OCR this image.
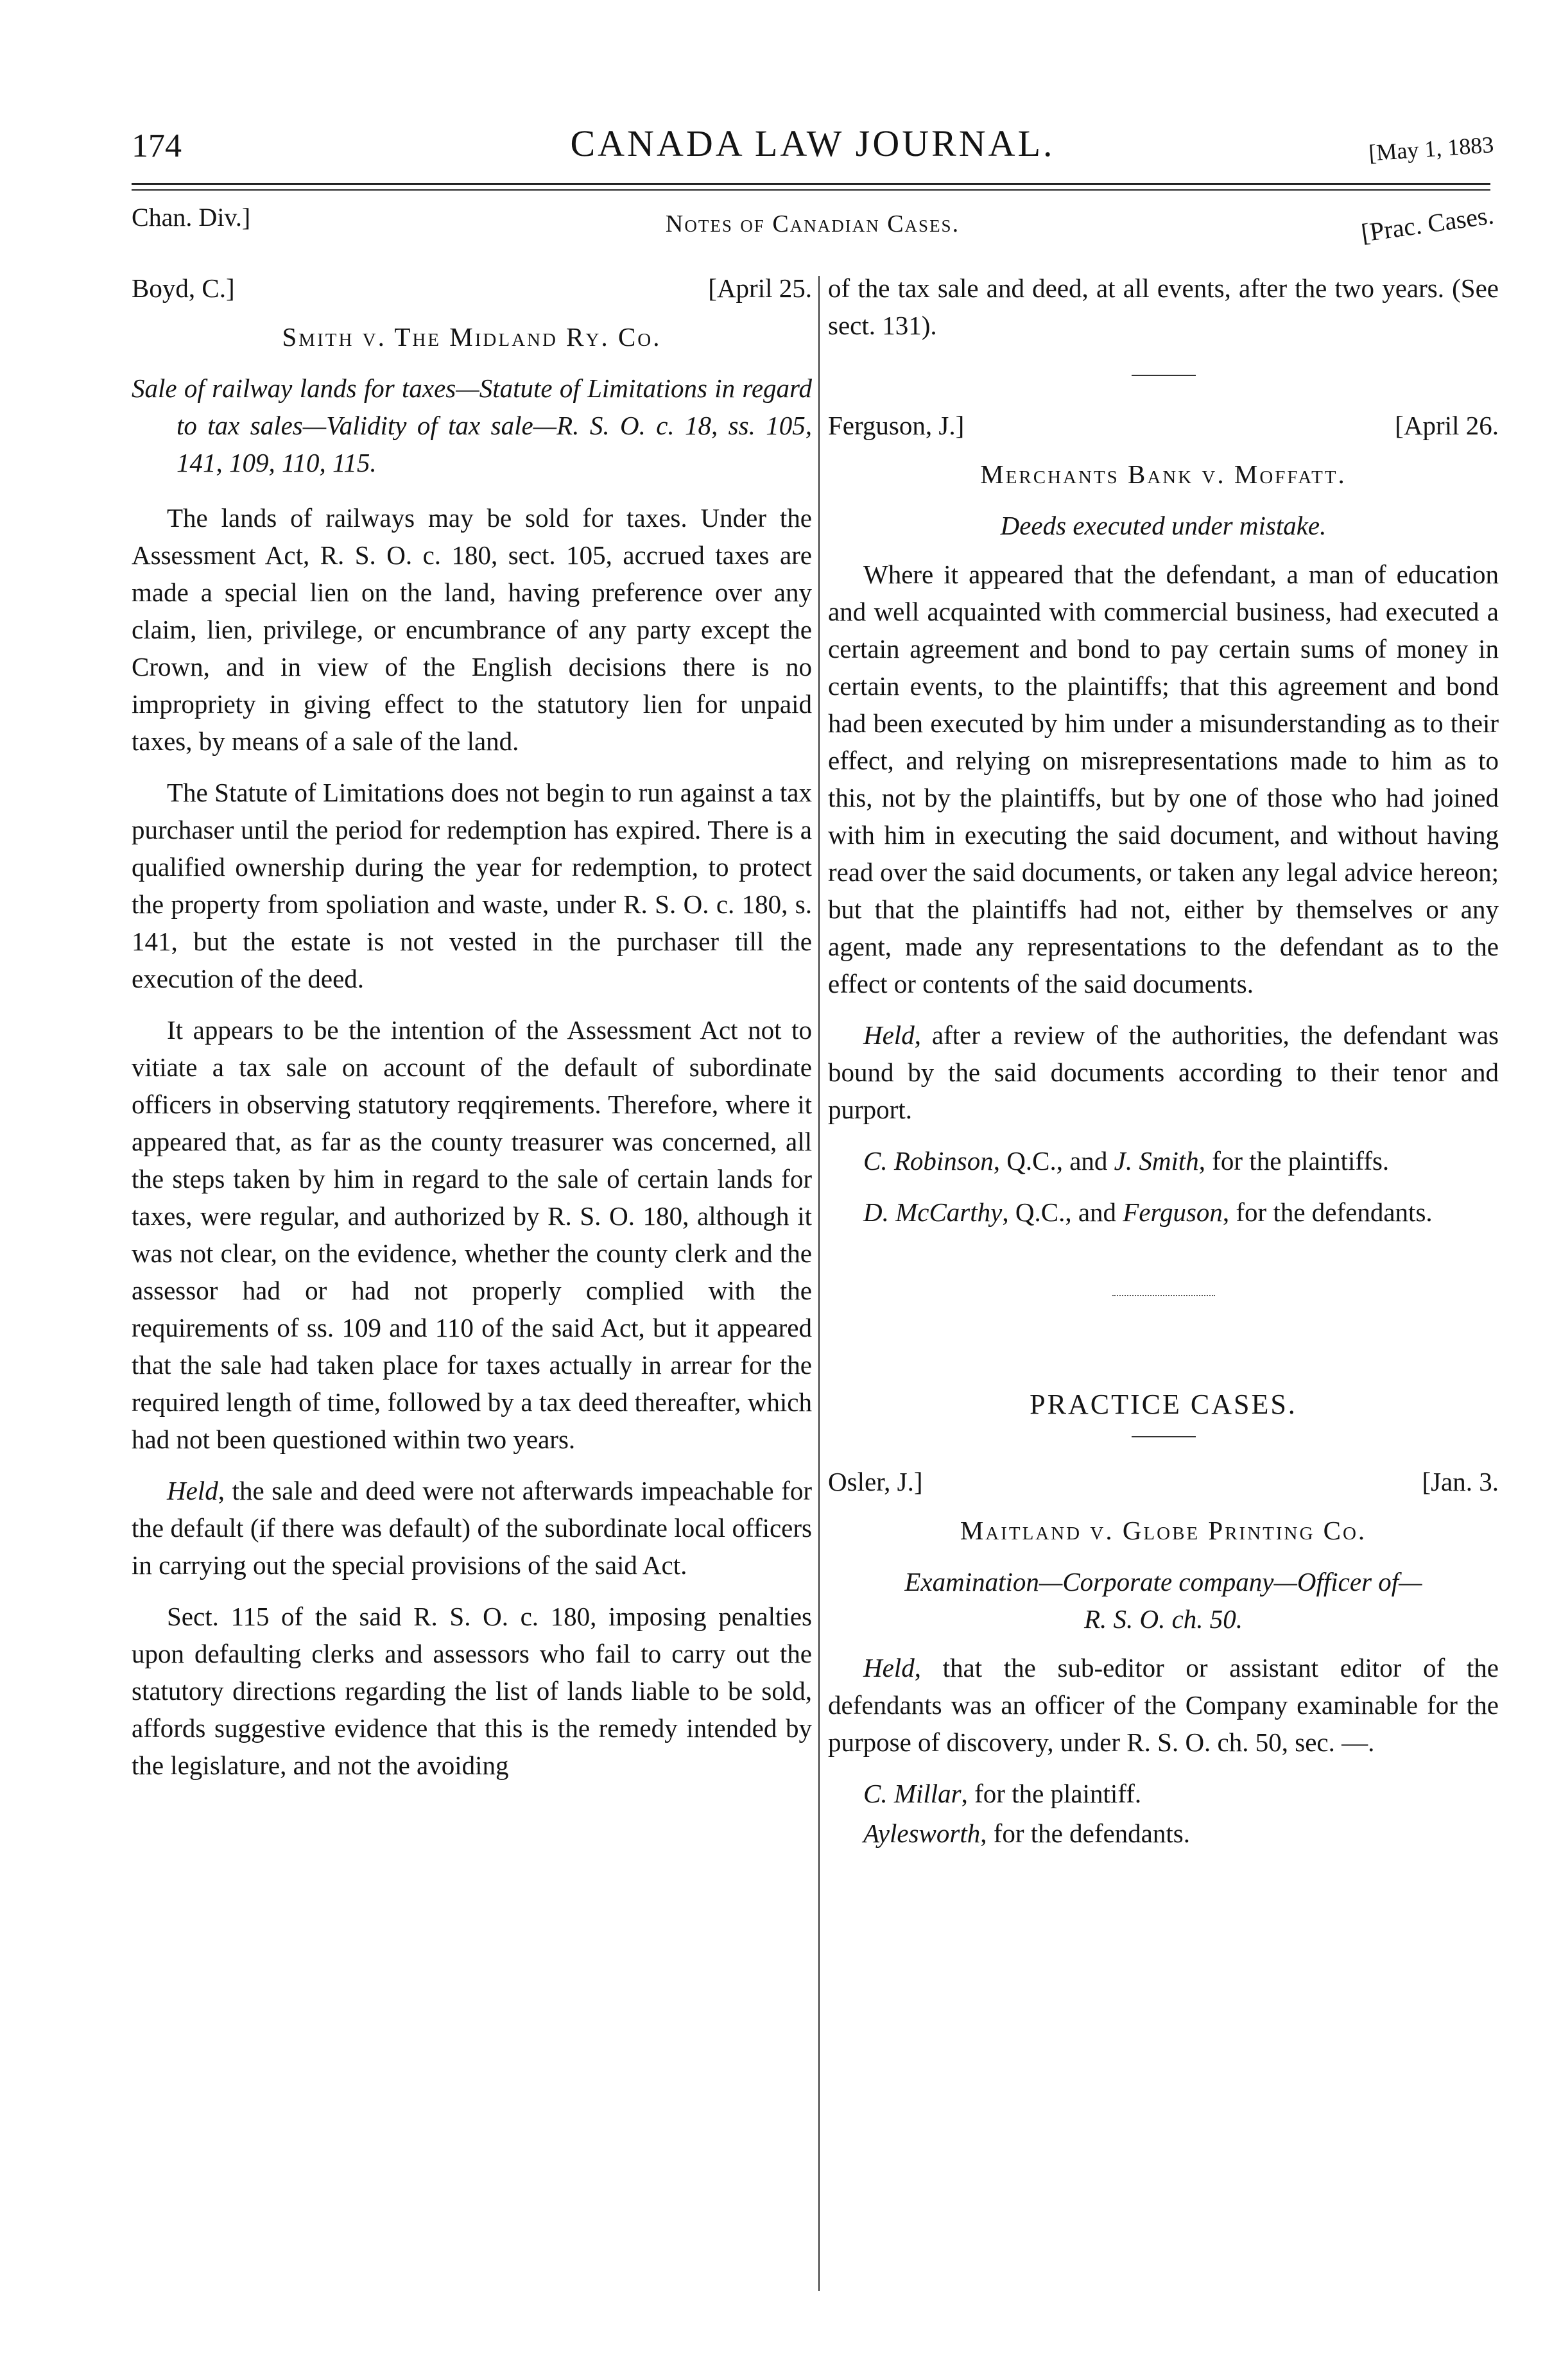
174	CANADA LAW JOURNAL.	[May 1, 1883
Chan. Div.]	Notes of Canadian Cases.	[Prac. Cases.
Boyd, C.]	[April 25.
Smith v. The Midland Ry. Co.
Sale of railway lands for taxes—Statute of Limitations in regard to tax sales—Validity of tax sale—R. S. O. c. 18, ss. 105, 141, 109, 110, 115.

The lands of railways may be sold for taxes. Under the Assessment Act, R. S. O. c. 180, sect. 105, accrued taxes are made a special lien on the land, having preference over any claim, lien, privilege, or encumbrance of any party except the Crown, and in view of the English decisions there is no impropriety in giving effect to the statutory lien for unpaid taxes, by means of a sale of the land.

The Statute of Limitations does not begin to run against a tax purchaser until the period for redemption has expired. There is a qualified ownership during the year for redemption, to protect the property from spoliation and waste, under R. S. O. c. 180, s. 141, but the estate is not vested in the purchaser till the execution of the deed.

It appears to be the intention of the Assessment Act not to vitiate a tax sale on account of the default of subordinate officers in observing statutory reqqirements. Therefore, where it appeared that, as far as the county treasurer was concerned, all the steps taken by him in regard to the sale of certain lands for taxes, were regular, and authorized by R. S. O. 180, although it was not clear, on the evidence, whether the county clerk and the assessor had or had not properly complied with the requirements of ss. 109 and 110 of the said Act, but it appeared that the sale had taken place for taxes actually in arrear for the required length of time, followed by a tax deed thereafter, which had not been questioned within two years.

Held, the sale and deed were not afterwards impeachable for the default (if there was default) of the subordinate local officers in carrying out the special provisions of the said Act.

Sect. 115 of the said R. S. O. c. 180, imposing penalties upon defaulting clerks and assessors who fail to carry out the statutory directions regarding the list of lands liable to be sold, affords suggestive evidence that this is the remedy intended by the legislature, and not the avoiding

of the tax sale and deed, at all events, after the two years. (See sect. 131).

Ferguson, J.]	[April 26.
Merchants Bank v. Moffatt.
Deeds executed under mistake.

Where it appeared that the defendant, a man of education and well acquainted with commercial business, had executed a certain agreement and bond to pay certain sums of money in certain events, to the plaintiffs; that this agreement and bond had been executed by him under a misunderstanding as to their effect, and relying on misrepresentations made to him as to this, not by the plaintiffs, but by one of those who had joined with him in executing the said document, and without having read over the said documents, or taken any legal advice hereon; but that the plaintiffs had not, either by themselves or any agent, made any representations to the defendant as to the effect or contents of the said documents.

Held, after a review of the authorities, the defendant was bound by the said documents according to their tenor and purport.

C. Robinson, Q.C., and J. Smith, for the plaintiffs.

D. McCarthy, Q.C., and Ferguson, for the defendants.

PRACTICE CASES.
Osler, J.]	[Jan. 3.
Maitland v. Globe Printing Co.
Examination—Corporate company—Officer of—
R. S. O. ch. 50.

Held, that the sub-editor or assistant editor of the defendants was an officer of the Company examinable for the purpose of discovery, under R. S. O. ch. 50, sec. —.

C. Millar, for the plaintiff.

Aylesworth, for the defendants.
